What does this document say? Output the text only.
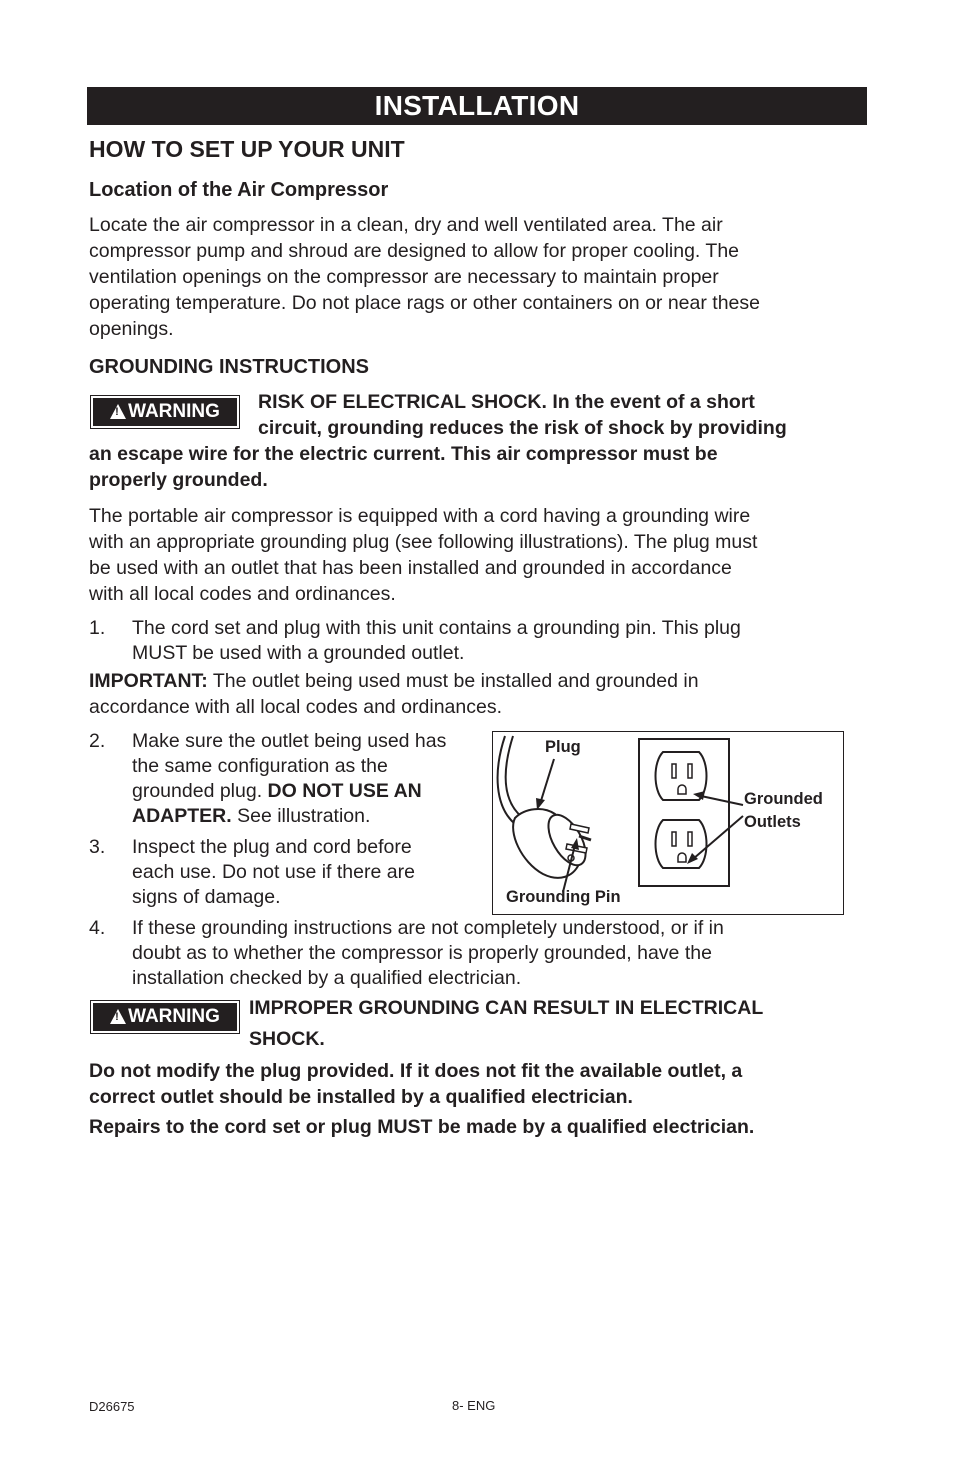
INSTALLATION
HOW TO SET UP YOUR UNIT
Location of the Air Compressor
Locate the air compressor in a clean, dry and well ventilated area. The air
compressor pump and shroud are designed to allow for proper cooling. The
ventilation openings on the compressor are necessary to maintain proper
operating temperature. Do not place rags or other containers on or near these
openings.
GROUNDING INSTRUCTIONS
!WARNING	RISK OF ELECTRICAL SHOCK. In the event of a short
circuit, grounding reduces the risk of shock by providing
an escape wire for the electric current. This air compressor must be
properly grounded.
The portable air compressor is equipped with a cord having a grounding wire
with an appropriate grounding plug (see following illustrations). The plug must
be used with an outlet that has been installed and grounded in accordance
with all local codes and ordinances.
1. The cord set and plug with this unit contains a grounding pin. This plug
MUST be used with a grounded outlet.
IMPORTANT: The outlet being used must be installed and grounded in
accordance with all local codes and ordinances.
2. Make sure the outlet being used has
the same configuration as the
grounded plug. DO NOT USE AN
ADAPTER. See illustration.
3. Inspect the plug and cord before
each use. Do not use if there are
signs of damage.
Plug
Grounded
Outlets
Grounding Pin
4. If these grounding instructions are not completely understood, or if in
doubt as to whether the compressor is properly grounded, have the
installation checked by a qualified electrician.
!WARNING	IMPROPER GROUNDING CAN RESULT IN ELECTRICAL
SHOCK.
Do not modify the plug provided. If it does not fit the available outlet, a
correct outlet should be installed by a qualified electrician.
Repairs to the cord set or plug MUST be made by a qualified electrician.
D26675	8- ENG
